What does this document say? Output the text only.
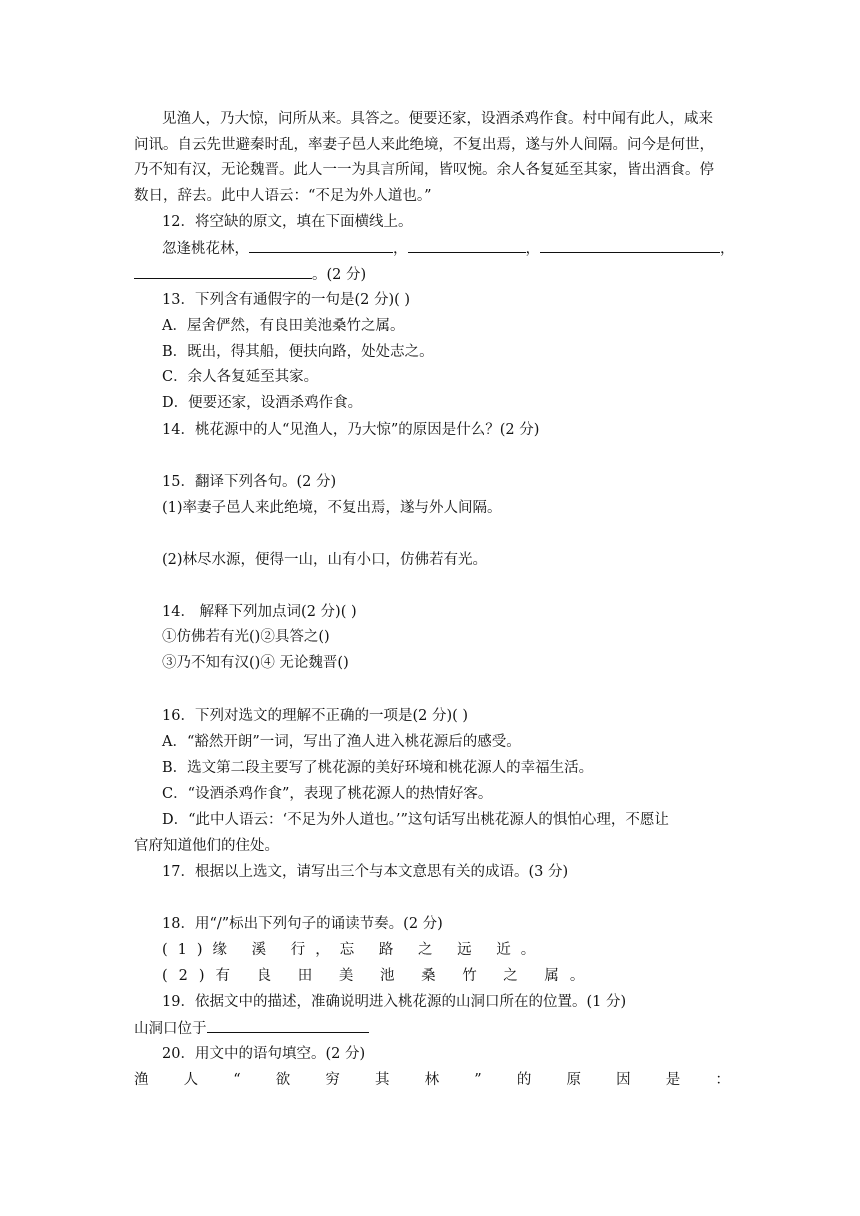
见渔人，乃大惊，问所从来。具答之。便要还家，设酒杀鸡作食。村中闻有此人，咸来
问讯。自云先世避秦时乱，率妻子邑人来此绝境，不复出焉，遂与外人间隔。问今是何世，
乃不知有汉，无论魏晋。此人一一为具言所闻，皆叹惋。余人各复延至其家，皆出酒食。停
数日，辞去。此中人语云：“不足为外人道也。”
12．将空缺的原文，填在下面横线上。
忽逢桃花林，	，	，	，
。(2 分)
13．下列含有通假字的一句是(2 分)( )
A．屋舍俨然，有良田美池桑竹之属。
B．既出，得其船，便扶向路，处处志之。
C．余人各复延至其家。
D．便要还家，设酒杀鸡作食。
14．桃花源中的人“见渔人，乃大惊”的原因是什么？(2 分)
15．翻译下列各句。(2 分)
(1)率妻子邑人来此绝境，不复出焉，遂与外人间隔。
(2)林尽水源，便得一山，山有小口，仿佛若有光。
14． 解释下列加点词(2 分)( )
①仿佛若有光()②具答之()
③乃不知有汉()④ 无论魏晋()
16．下列对选文的理解不正确的一项是(2 分)( )
A．“豁然开朗”一词，写出了渔人进入桃花源后的感受。
B．选文第二段主要写了桃花源的美好环境和桃花源人的幸福生活。
C．“设酒杀鸡作食”，表现了桃花源人的热情好客。
D．“此中人语云：‘不足为外人道也。’”这句话写出桃花源人的惧怕心理，不愿让
官府知道他们的住处。
17．根据以上选文，请写出三个与本文意思有关的成语。(3 分)
18．用“/”标出下列句子的诵读节奏。(2 分)
(1)缘 溪 行，忘 路 之 远 近。
(2)有 良 田 美 池 桑 竹 之 属。
19．依据文中的描述，准确说明进入桃花源的山洞口所在的位置。(1 分)
山洞口位于
20．用文中的语句填空。(2 分)
渔 人 “ 欲 穷 其 林 ” 的 原 因 是 ：
